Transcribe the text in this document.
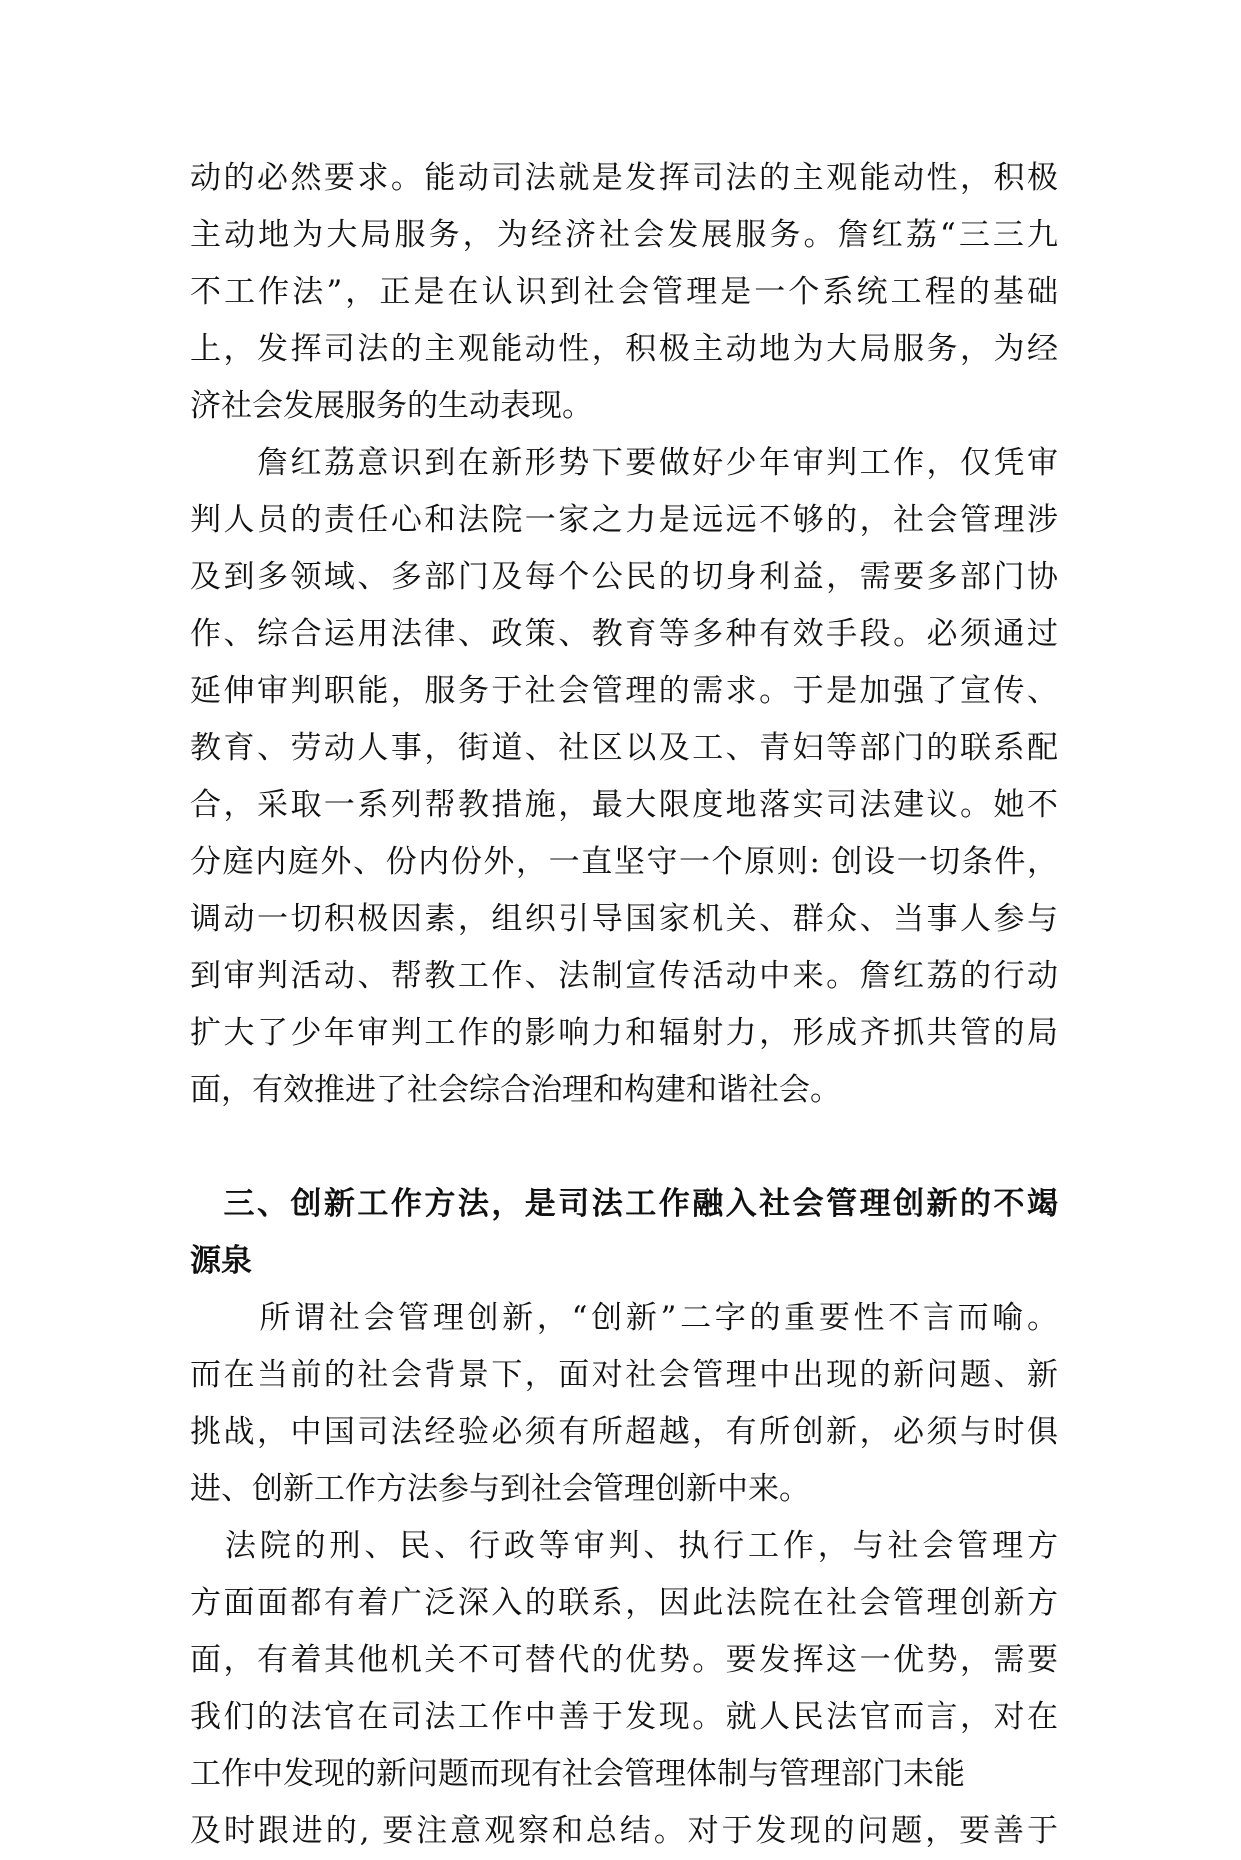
动的必然要求。能动司法就是发挥司法的主观能动性，积极
主动地为大局服务，为经济社会发展服务。詹红荔“三三九
不工作法”，正是在认识到社会管理是一个系统工程的基础
上，发挥司法的主观能动性，积极主动地为大局服务，为经
济社会发展服务的生动表现。
　　詹红荔意识到在新形势下要做好少年审判工作，仅凭审
判人员的责任心和法院一家之力是远远不够的，社会管理涉
及到多领域、多部门及每个公民的切身利益，需要多部门协
作、综合运用法律、政策、教育等多种有效手段。必须通过
延伸审判职能，服务于社会管理的需求。于是加强了宣传、
教育、劳动人事，街道、社区以及工、青妇等部门的联系配
合，采取一系列帮教措施，最大限度地落实司法建议。她不
分庭内庭外、份内份外，一直坚守一个原则: 创设一切条件，
调动一切积极因素，组织引导国家机关、群众、当事人参与
到审判活动、帮教工作、法制宣传活动中来。詹红荔的行动
扩大了少年审判工作的影响力和辐射力，形成齐抓共管的局
面，有效推进了社会综合治理和构建和谐社会。
　三、创新工作方法，是司法工作融入社会管理创新的不竭
源泉
　　所谓社会管理创新，“创新”二字的重要性不言而喻。
而在当前的社会背景下，面对社会管理中出现的新问题、新
挑战，中国司法经验必须有所超越，有所创新，必须与时俱
进、创新工作方法参与到社会管理创新中来。
　法院的刑、民、行政等审判、执行工作，与社会管理方
方面面都有着广泛深入的联系，因此法院在社会管理创新方
面，有着其他机关不可替代的优势。要发挥这一优势，需要
我们的法官在司法工作中善于发现。就人民法官而言，对在
工作中发现的新问题而现有社会管理体制与管理部门未能
及时跟进的, 要注意观察和总结。对于发现的问题，要善于
